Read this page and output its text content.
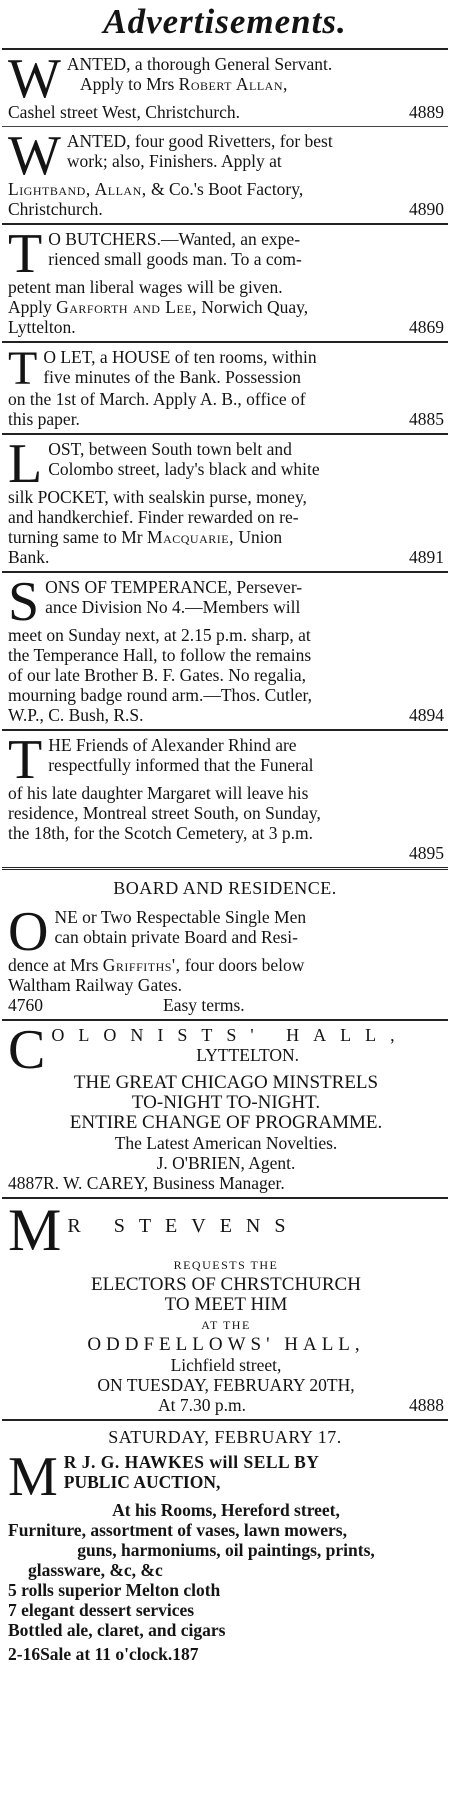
Advertisements.
W ANTED, a thorough General Servant.
Apply to Mrs Robert Allan,
Cashel street West, Christchurch.	4889
W ANTED, four good Rivetters, for best
work; also, Finishers. Apply at
Lightband, Allan, & Co.'s Boot Factory,
Christchurch.	4890
T O BUTCHERS.—Wanted, an expe-
rienced small goods man. To a com-
petent man liberal wages will be given.
Apply Garforth and Lee, Norwich Quay,
Lyttelton.	4869
T O LET, a HOUSE of ten rooms, within
five minutes of the Bank. Possession
on the 1st of March. Apply A. B., office of
this paper.	4885
L OST, between South town belt and
Colombo street, lady's black and white
silk POCKET, with sealskin purse, money,
and handkerchief. Finder rewarded on re-
turning same to Mr Macquarie, Union
Bank.	4891
S ONS OF TEMPERANCE, Persever-
ance Division No 4.—Members will
meet on Sunday next, at 2.15 p.m. sharp, at
the Temperance Hall, to follow the remains
of our late Brother B. F. Gates. No regalia,
mourning badge round arm.—Thos. Cutler,
W.P., C. Bush, R.S.	4894
T HE Friends of Alexander Rhind are
respectfully informed that the Funeral
of his late daughter Margaret will leave his
residence, Montreal street South, on Sunday,
the 18th, for the Scotch Cemetery, at 3 p.m.
4895
BOARD AND RESIDENCE.
O NE or Two Respectable Single Men
can obtain private Board and Resi-
dence at Mrs Griffiths', four doors below
Waltham Railway Gates.
4760	Easy terms.
C OLONISTS' HALL,
LYTTELTON.
THE GREAT CHICAGO MINSTRELS
TO-NIGHT TO-NIGHT.
ENTIRE CHANGE OF PROGRAMME.
The Latest American Novelties.
J. O'BRIEN, Agent.
4887R. W. CAREY, Business Manager.
M R STEVENS
REQUESTS THE
ELECTORS OF CHRSTCHURCH
TO MEET HIM
AT THE
ODDFELLOWS' HALL,
Lichfield street,
ON TUESDAY, FEBRUARY 20TH,
At 7.30 p.m.	4888
SATURDAY, FEBRUARY 17.
M R J. G. HAWKES will SELL BY
PUBLIC AUCTION,
At his Rooms, Hereford street,
Furniture, assortment of vases, lawn mowers,
guns, harmoniums, oil paintings, prints,
glassware, &c, &c
5 rolls superior Melton cloth
7 elegant dessert services
Bottled ale, claret, and cigars
2-16Sale at 11 o'clock.187
